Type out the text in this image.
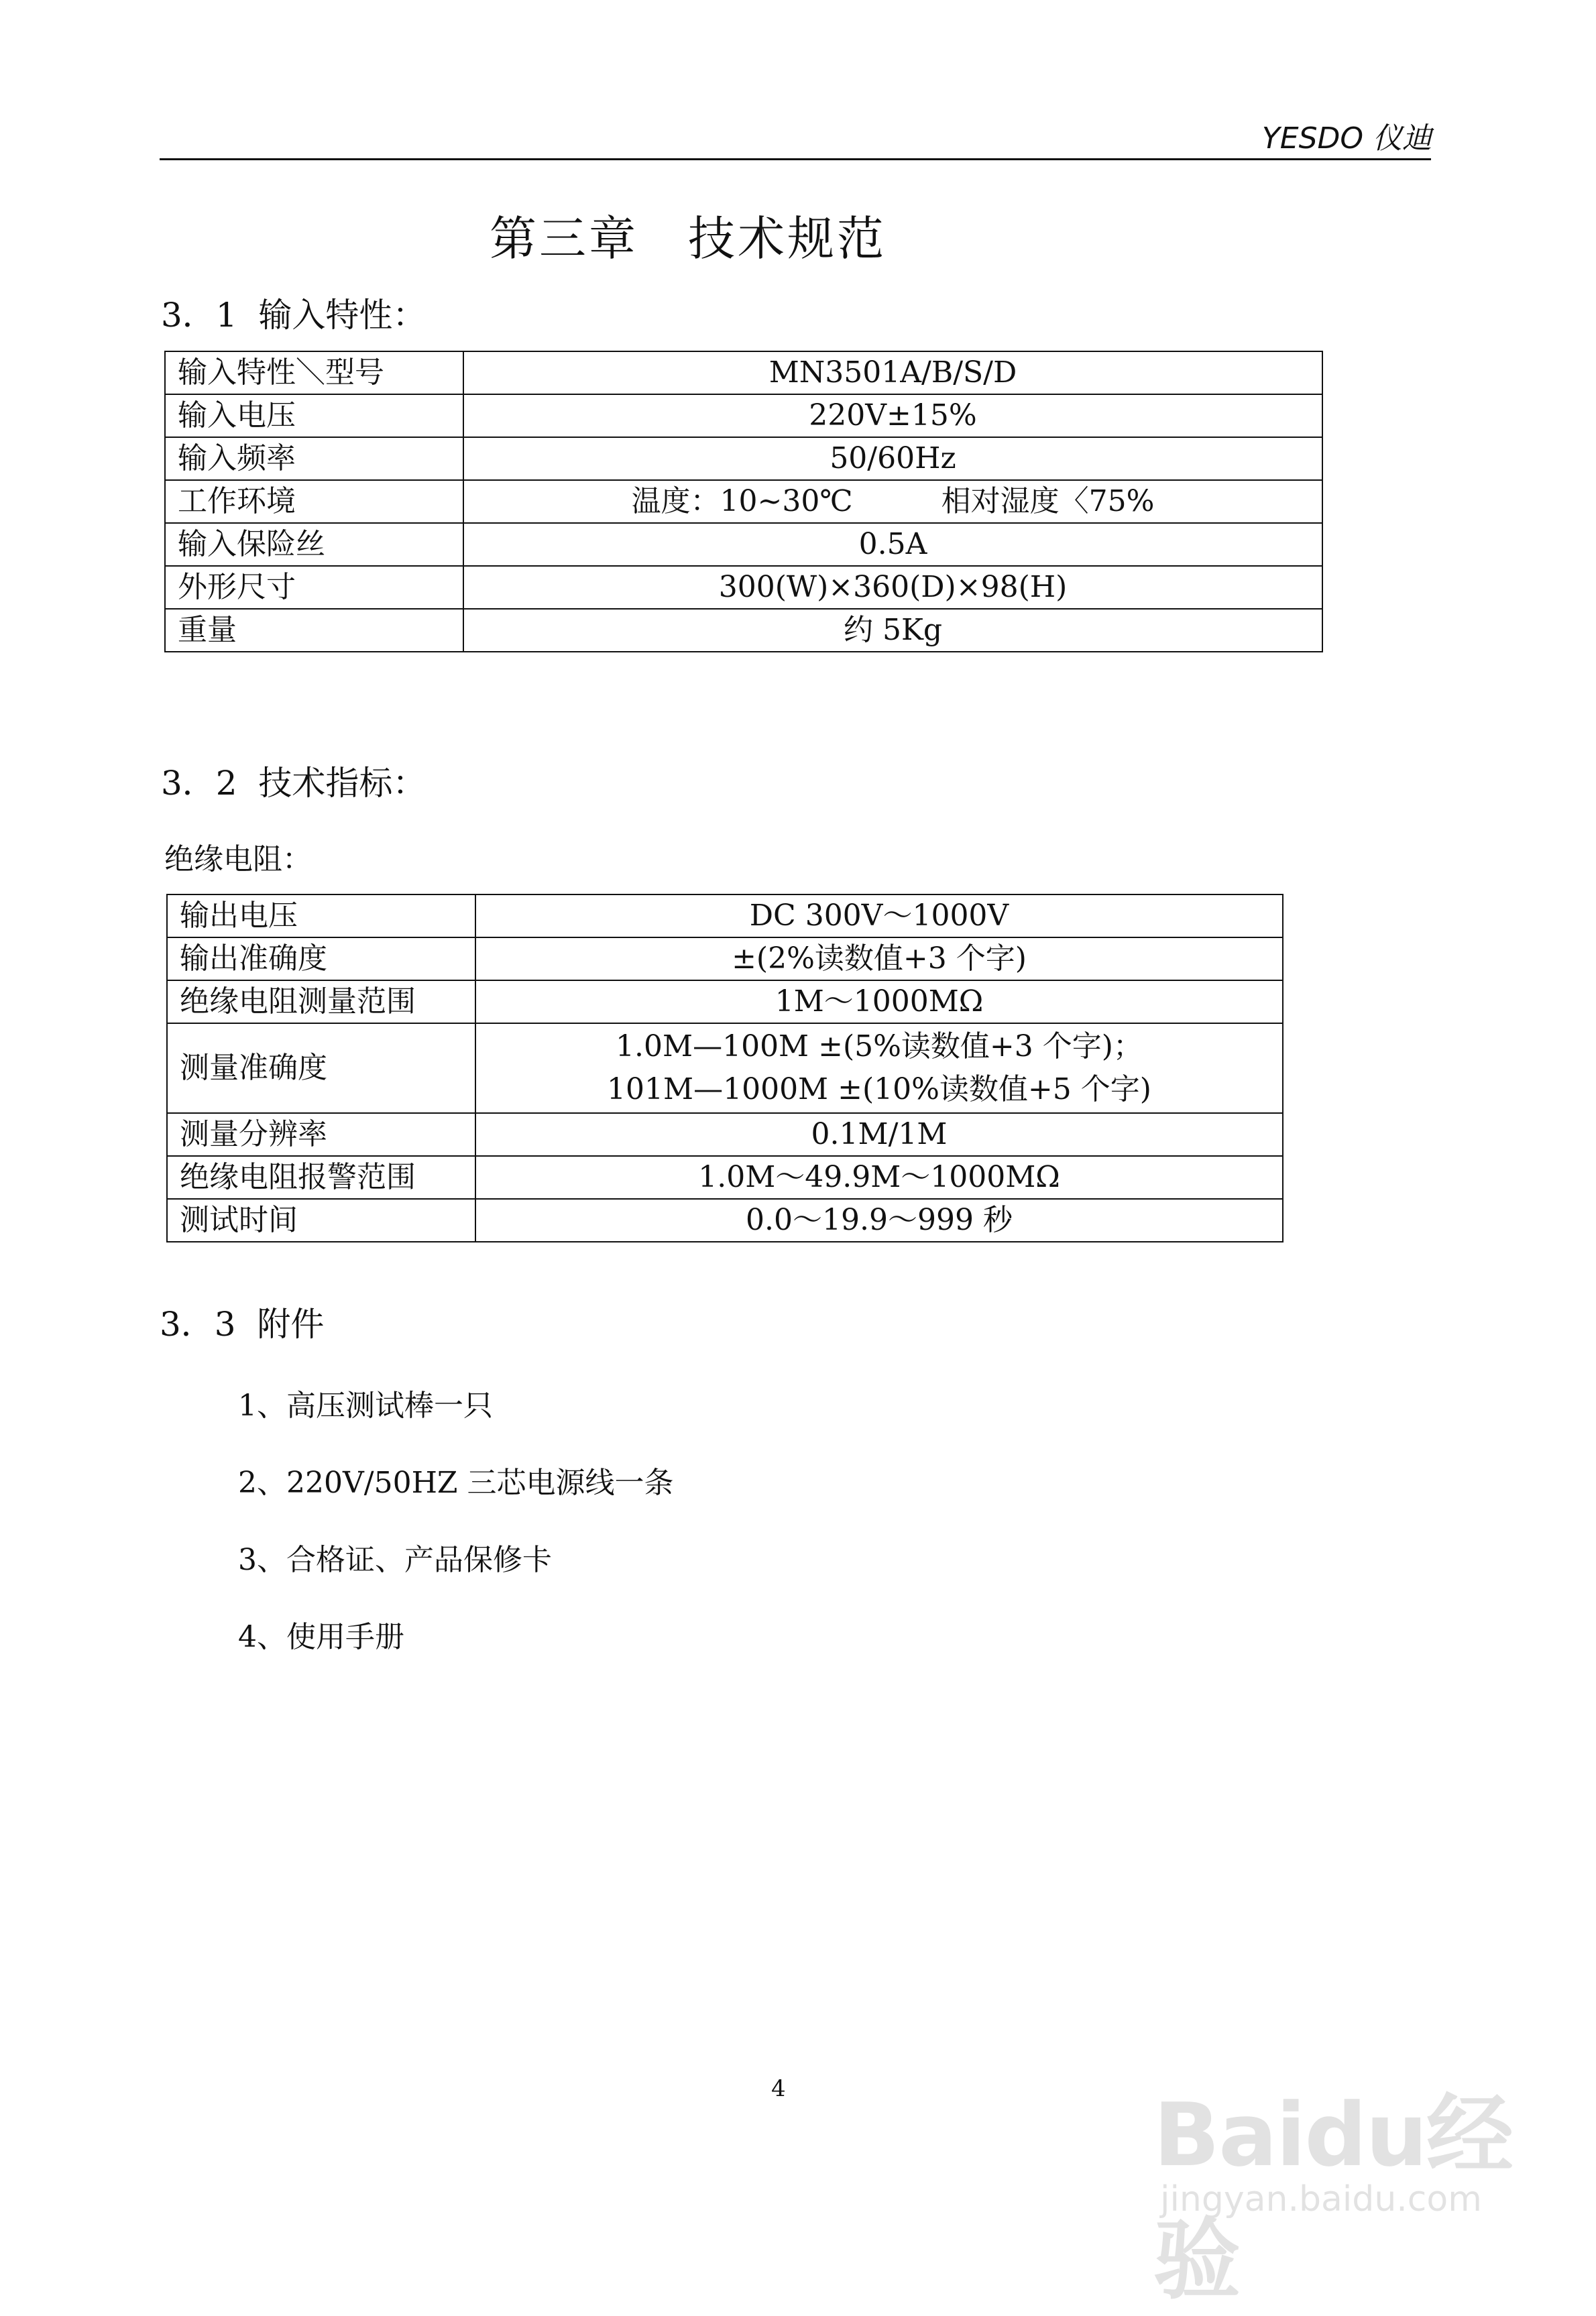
YESDO 仪迪
第三章　技术规范
3．1  输入特性：
输入特性＼型号	MN3501A/B/S/D
输入电压	220V±15%
输入频率	50/60Hz
工作环境	温度：10~30℃　　　相对湿度〈75%
输入保险丝	0.5A
外形尺寸	300(W)×360(D)×98(H)
重量	约 5Kg
3．2  技术指标：
绝缘电阻：
输出电压	DC 300V～1000V
输出准确度	±(2%读数值+3 个字)
绝缘电阻测量范围	1M～1000MΩ
测量准确度	1.0M—100M ±(5%读数值+3 个字)；
101M—1000M ±(10%读数值+5 个字)

测量分辨率	0.1M/1M
绝缘电阻报警范围	1.0M～49.9M～1000MΩ
测试时间	0.0～19.9～999 秒
3．3  附件
1、高压测试棒一只
2、220V/50HZ 三芯电源线一条
3、合格证、产品保修卡
4、使用手册
4	Baidu经验
jingyan.baidu.com
